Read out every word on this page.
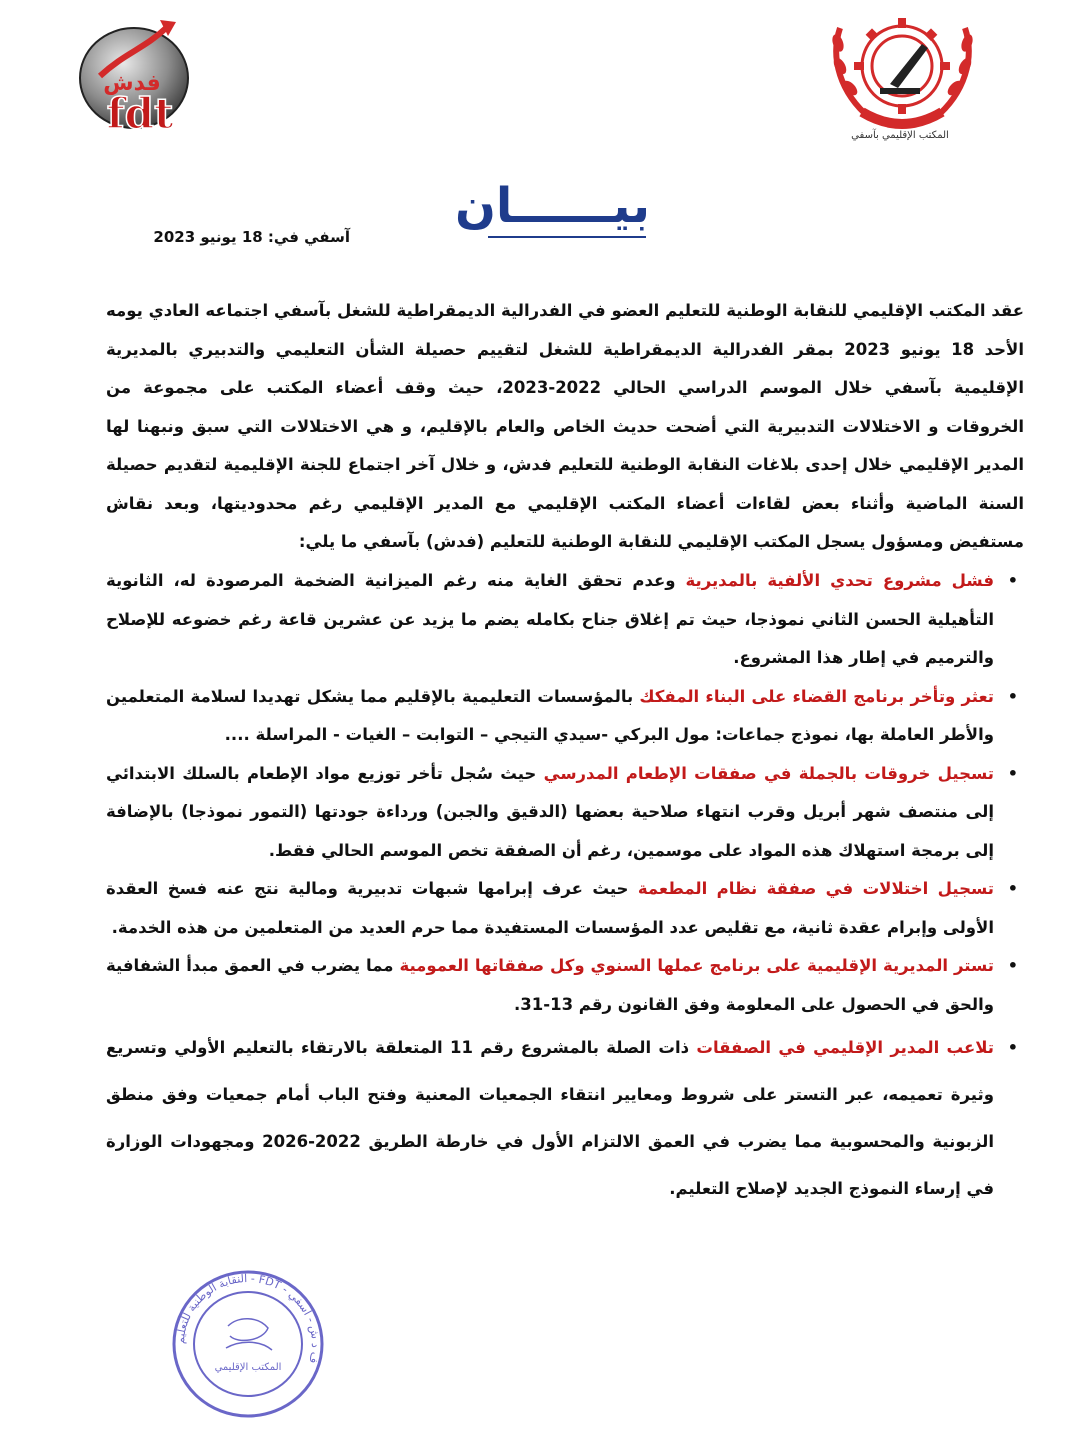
فدش
fdt	المكتب الإقليمي بآسفي
بيــــــان
آسفي في: 18 يونيو 2023

عقد المكتب الإقليمي للنقابة الوطنية للتعليم العضو في الفدرالية الديمقراطية للشغل بآسفي اجتماعه العادي يومه الأحد 18 يونيو 2023 بمقر الفدرالية الديمقراطية للشغل لتقييم حصيلة الشأن التعليمي والتدبيري بالمديرية الإقليمية بآسفي خلال الموسم الدراسي الحالي 2022-2023، حيث وقف أعضاء المكتب على مجموعة من الخروقات و الاختلالات التدبيرية التي أضحت حديث الخاص والعام بالإقليم، و هي الاختلالات التي سبق ونبهنا لها المدير الإقليمي خلال إحدى بلاغات النقابة الوطنية للتعليم فدش، و خلال آخر اجتماع للجنة الإقليمية لتقديم حصيلة السنة الماضية وأثناء بعض لقاءات أعضاء المكتب الإقليمي مع المدير الإقليمي رغم محدوديتها، وبعد نقاش مستفيض ومسؤول يسجل المكتب الإقليمي للنقابة الوطنية للتعليم (فدش) بآسفي ما يلي:

•
فشل مشروع تحدي الألفية بالمديرية وعدم تحقق الغاية منه رغم الميزانية الضخمة المرصودة له، الثانوية التأهيلية الحسن الثاني نموذجا، حيث تم إغلاق جناح بكامله يضم ما يزيد عن عشرين قاعة رغم خضوعه للإصلاح والترميم في إطار هذا المشروع.
•
تعثر وتأخر برنامج القضاء على البناء المفكك بالمؤسسات التعليمية بالإقليم مما يشكل تهديدا لسلامة المتعلمين والأطر العاملة بها، نموذج جماعات: مول البركي -سيدي التيجي – التوابت – الغيات - المراسلة ....
•
تسجيل خروقات بالجملة في صفقات الإطعام المدرسي حيث سُجل تأخر توزيع مواد الإطعام بالسلك الابتدائي إلى منتصف شهر أبريل وقرب انتهاء صلاحية بعضها (الدقيق والجبن) ورداءة جودتها (التمور نموذجا) بالإضافة إلى برمجة استهلاك هذه المواد على موسمين، رغم أن الصفقة تخص الموسم الحالي فقط.
•
تسجيل اختلالات في صفقة نظام المطعمة حيث عرف إبرامها شبهات تدبيرية ومالية نتج عنه فسخ العقدة الأولى وإبرام عقدة ثانية، مع تقليص عدد المؤسسات المستفيدة مما حرم العديد من المتعلمين من هذه الخدمة.
•
تستر المديرية الإقليمية على برنامج عملها السنوي وكل صفقاتها العمومية مما يضرب في العمق مبدأ الشفافية والحق في الحصول على المعلومة وفق القانون رقم 13-31.
•
تلاعب المدير الإقليمي في الصفقات ذات الصلة بالمشروع رقم 11 المتعلقة بالارتقاء بالتعليم الأولي وتسريع وثيرة تعميمه، عبر التستر على شروط ومعايير انتقاء الجمعيات المعنية وفتح الباب أمام جمعيات وفق منطق الزبونية والمحسوبية مما يضرب في العمق الالتزام الأول في خارطة الطريق 2022-2026 ومجهودات الوزارة في إرساء النموذج الجديد لإصلاح التعليم.
النقابة الوطنية للتعليم - FDT - ف د ش - آسفي
المكتب الإقليمي
